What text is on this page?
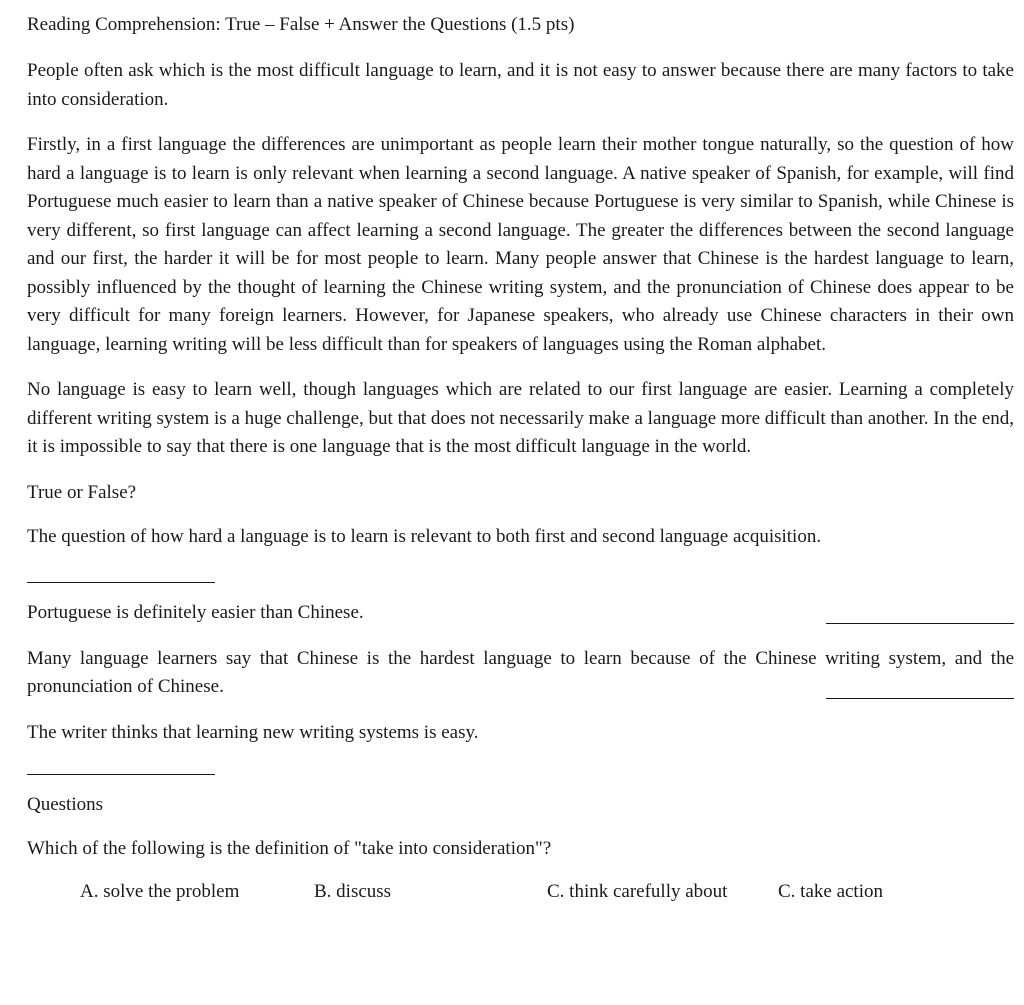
Reading Comprehension: True – False + Answer the Questions (1.5 pts)

People often ask which is the most difficult language to learn, and it is not easy to answer because there are many factors to take into consideration.

Firstly, in a first language the differences are unimportant as people learn their mother tongue naturally, so the question of how hard a language is to learn is only relevant when learning a second language. A native speaker of Spanish, for example, will find Portuguese much easier to learn than a native speaker of Chinese because Portuguese is very similar to Spanish, while Chinese is very different, so first language can affect learning a second language. The greater the differences between the second language and our first, the harder it will be for most people to learn. Many people answer that Chinese is the hardest language to learn, possibly influenced by the thought of learning the Chinese writing system, and the pronunciation of Chinese does appear to be very difficult for many foreign learners. However, for Japanese speakers, who already use Chinese characters in their own language, learning writing will be less difficult than for speakers of languages using the Roman alphabet.

No language is easy to learn well, though languages which are related to our first language are easier. Learning a completely different writing system is a huge challenge, but that does not necessarily make a language more difficult than another. In the end, it is impossible to say that there is one language that is the most difficult language in the world.

True or False?

The question of how hard a language is to learn is relevant to both first and second language acquisition.

Portuguese is definitely easier than Chinese.

Many language learners say that Chinese is the hardest language to learn because of the Chinese writing system, and the pronunciation of Chinese.

The writer thinks that learning new writing systems is easy.

Questions
Which of the following is the definition of "take into consideration"?
A. solve the problem	B. discuss	C. think carefully about	C. take action
